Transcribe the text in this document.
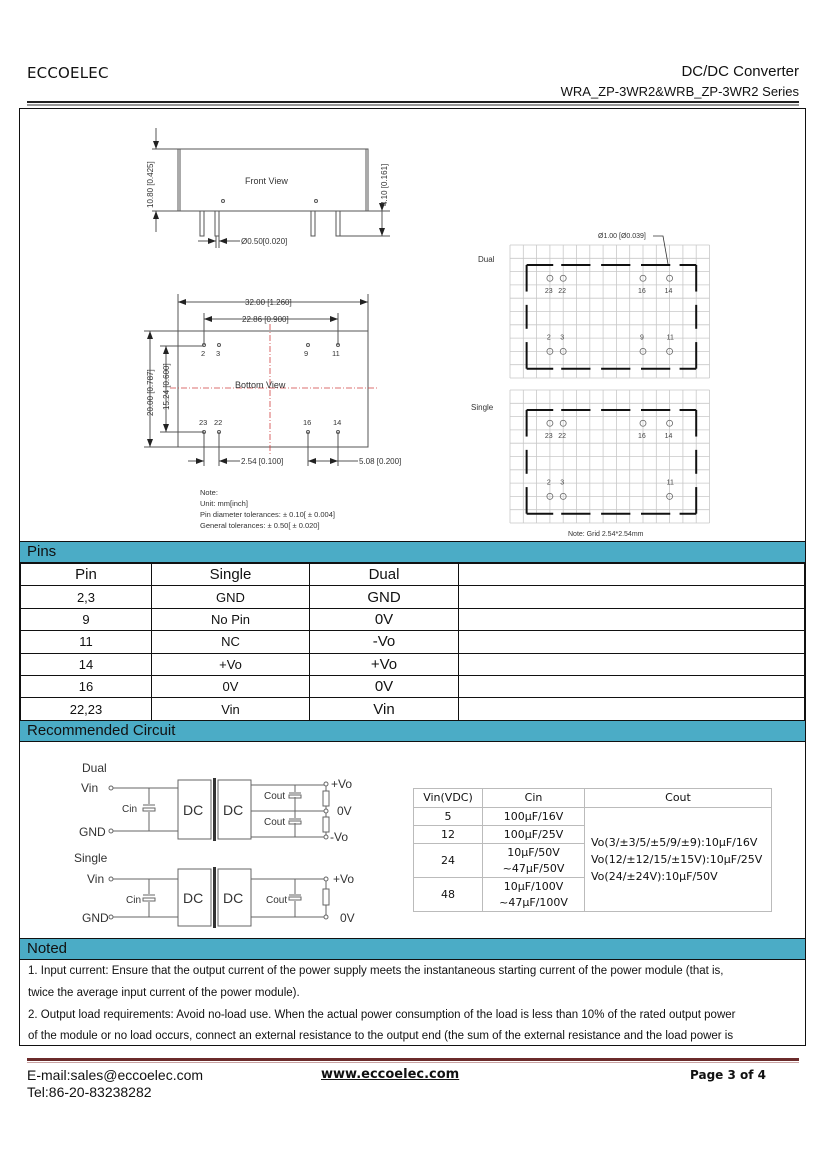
ECCOELEC	DC/DC Converter
WRA_ZP-3WR2&WRB_ZP-3WR2 Series
Front View
10.80 [0.425]	4.10 [0.161]
Ø0.50[0.020]
32.00 [1.260]
22.86 [0.900]
20.00 [0.787] 15.24 [0.600]
2.54 [0.100]	5.08 [0.200]
Bottom View
2 3	9	11
23 22	16	14
Note:
Unit: mm[inch]
Pin diameter tolerances: ± 0.10[ ± 0.004]
General tolerances: ± 0.50[ ± 0.020]
23 22	16	14
2 3	9	11
23 22	16	14
2 3	11
Dual
Single
Ø1.00 [Ø0.039]
Note: Grid 2.54*2.54mm
Pins
Pin	Single	Dual	
2,3	GND	GND	
9	No Pin	0V	
11	NC	-Vo	
14	+Vo	+Vo	
16	0V	0V	
22,23	Vin	Vin	
Recommended Circuit
Dual
Vin
GND
Cin
Cout
Cout
DC DC
+Vo
0V
-Vo
Single
Vin
GND
Cin	Cout
DC DC
+Vo
0V
Vin(VDC)	Cin	Cout
5	100µF/16V	Vo(3/±3/5/±5/9/±9):10µF/16V
Vo(12/±12/15/±15V):10µF/25V
Vo(24/±24V):10µF/50V

12	100µF/25V	
24	10µF/50V
~47µF/50V	

48	10µF/100V
~47µF/100V	
Noted
1. Input current: Ensure that the output current of the power supply meets the instantaneous starting current of the power module (that is,
twice the average input current of the power module).
2. Output load requirements: Avoid no-load use. When the actual power consumption of the load is less than 10% of the rated output power
of the module or no load occurs, connect an external resistance to the output end (the sum of the external resistance and the load power is
E-mail:sales@eccoelec.com
Tel:86-20-83238282
www.eccoelec.com	Page 3 of 4
